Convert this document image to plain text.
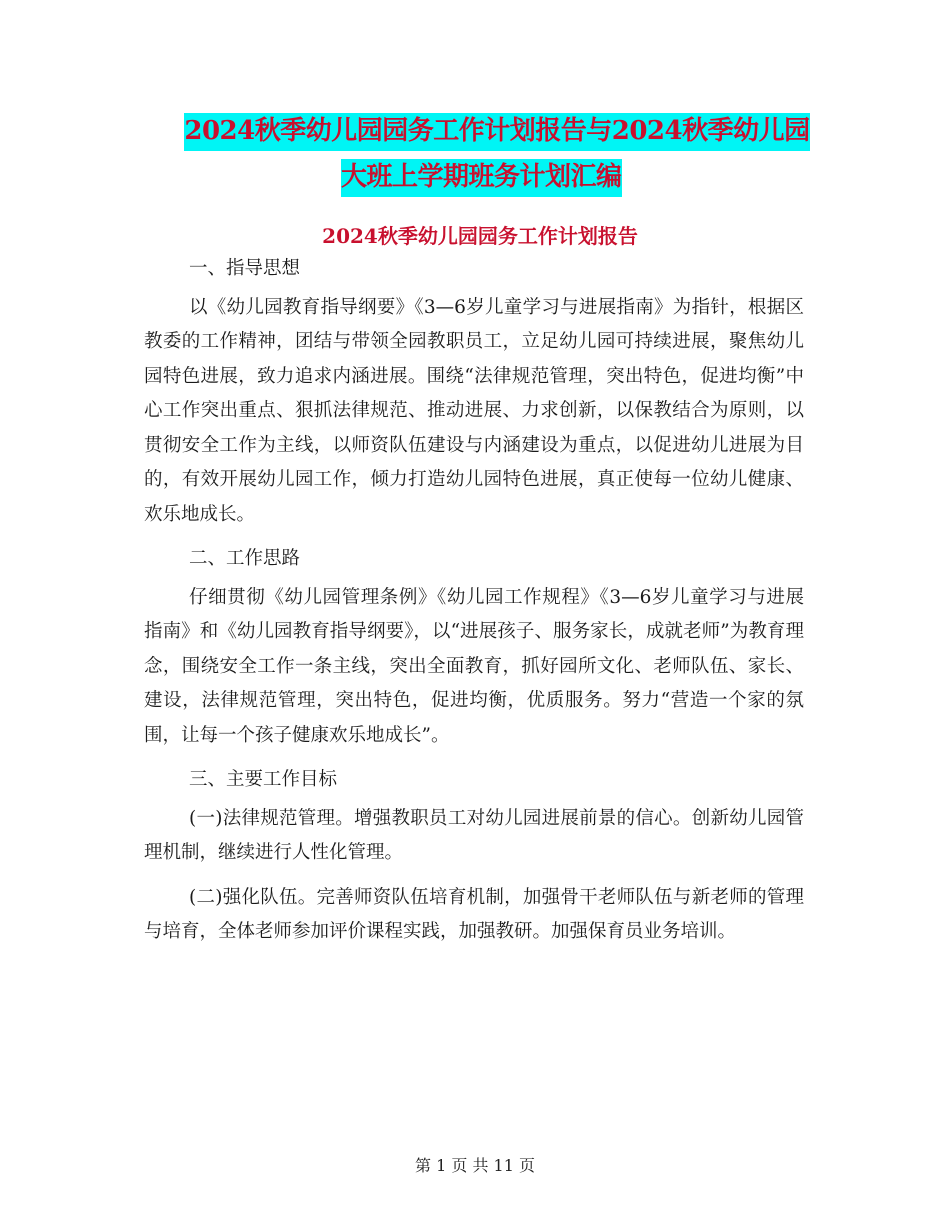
2024秋季幼儿园园务工作计划报告与2024秋季幼儿园
大班上学期班务计划汇编
2024秋季幼儿园园务工作计划报告

一、指导思想

以《幼儿园教育指导纲要》《3—6岁儿童学习与进展指南》为指针，根据区教委的工作精神，团结与带领全园教职员工，立足幼儿园可持续进展，聚焦幼儿园特色进展，致力追求内涵进展。围绕“法律规范管理，突出特色，促进均衡”中心工作突出重点、狠抓法律规范、推动进展、力求创新，以保教结合为原则，以贯彻安全工作为主线，以师资队伍建设与内涵建设为重点，以促进幼儿进展为目的，有效开展幼儿园工作，倾力打造幼儿园特色进展，真正使每一位幼儿健康、欢乐地成长。

二、工作思路

仔细贯彻《幼儿园管理条例》《幼儿园工作规程》《3—6岁儿童学习与进展指南》和《幼儿园教育指导纲要》，以“进展孩子、服务家长，成就老师”为教育理念，围绕安全工作一条主线，突出全面教育，抓好园所文化、老师队伍、家长、建设，法律规范管理，突出特色，促进均衡，优质服务。努力“营造一个家的氛围，让每一个孩子健康欢乐地成长”。

三、主要工作目标

(一)法律规范管理。增强教职员工对幼儿园进展前景的信心。创新幼儿园管理机制，继续进行人性化管理。

(二)强化队伍。完善师资队伍培育机制，加强骨干老师队伍与新老师的管理与培育，全体老师参加评价课程实践，加强教研。加强保育员业务培训。

第 1 页 共 11 页
